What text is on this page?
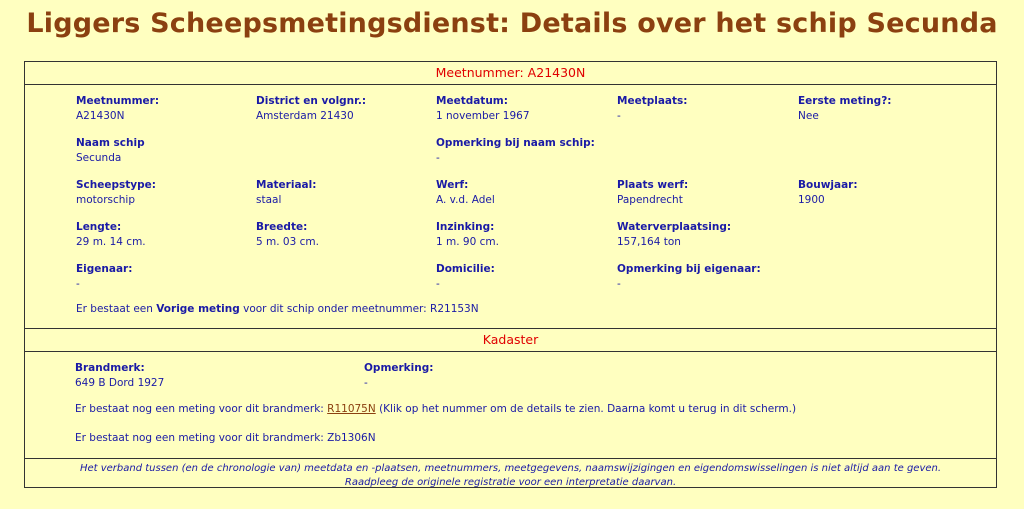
Liggers Scheepsmetingsdienst: Details over het schip Secunda
Meetnummer: A21430N
Meetnummer:
A21430N
District en volgnr.:
Amsterdam 21430
Meetdatum:
1 november 1967
Meetplaats:
-
Eerste meting?:
Nee
Naam schip
Secunda
Opmerking bij naam schip:
-
Scheepstype:
motorschip
Materiaal:
staal
Werf:
A. v.d. Adel
Plaats werf:
Papendrecht
Bouwjaar:
1900
Lengte:
29 m. 14 cm.
Breedte:
5 m. 03 cm.
Inzinking:
1 m. 90 cm.
Waterverplaatsing:
157,164 ton
Eigenaar:
-
Domicilie:
-
Opmerking bij eigenaar:
-
Er bestaat een Vorige meting voor dit schip onder meetnummer: R21153N
Kadaster
Brandmerk:
649 B Dord 1927
Opmerking:
-
Er bestaat nog een meting voor dit brandmerk: R11075N (Klik op het nummer om de details te zien. Daarna komt u terug in dit scherm.)
Er bestaat nog een meting voor dit brandmerk: Zb1306N
Het verband tussen (en de chronologie van) meetdata en -plaatsen, meetnummers, meetgegevens, naamswijzigingen en eigendomswisselingen is niet altijd aan te geven.
Raadpleeg de originele registratie voor een interpretatie daarvan.
